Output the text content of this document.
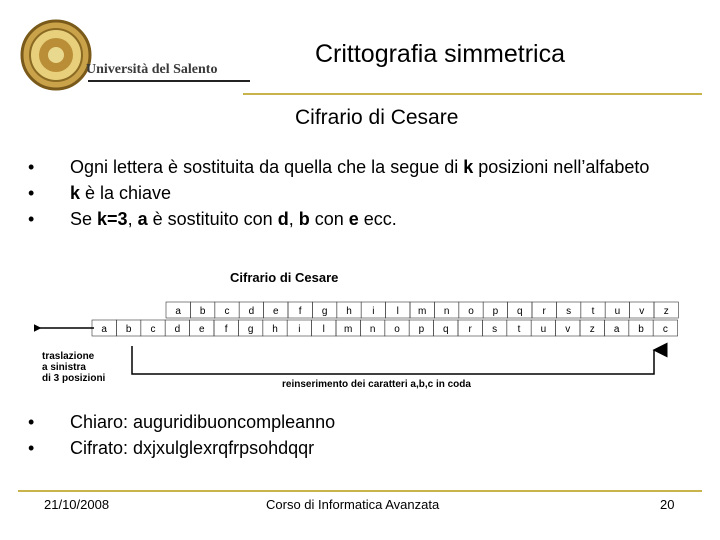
Università del Salento
Crittografia simmetrica
Cifrario di Cesare
• Ogni lettera è sostituita da quella che la segue di k posizioni nell’alfabeto
• k è la chiave
• Se k=3, a è sostituito con d, b con e ecc.
Cifrario di Cesare
a b c d e f g h i l m n o p q r s t u v z
a b c d e f g h i l m n o p q r s t u v z a b c
traslazione
a sinistra
di 3 posizioni
reinserimento dei caratteri a,b,c in coda
• Chiaro: auguridibuoncompleanno
• Cifrato: dxjxulglexrqfrpsohdqqr
21/10/2008	Corso di Informatica Avanzata	20
